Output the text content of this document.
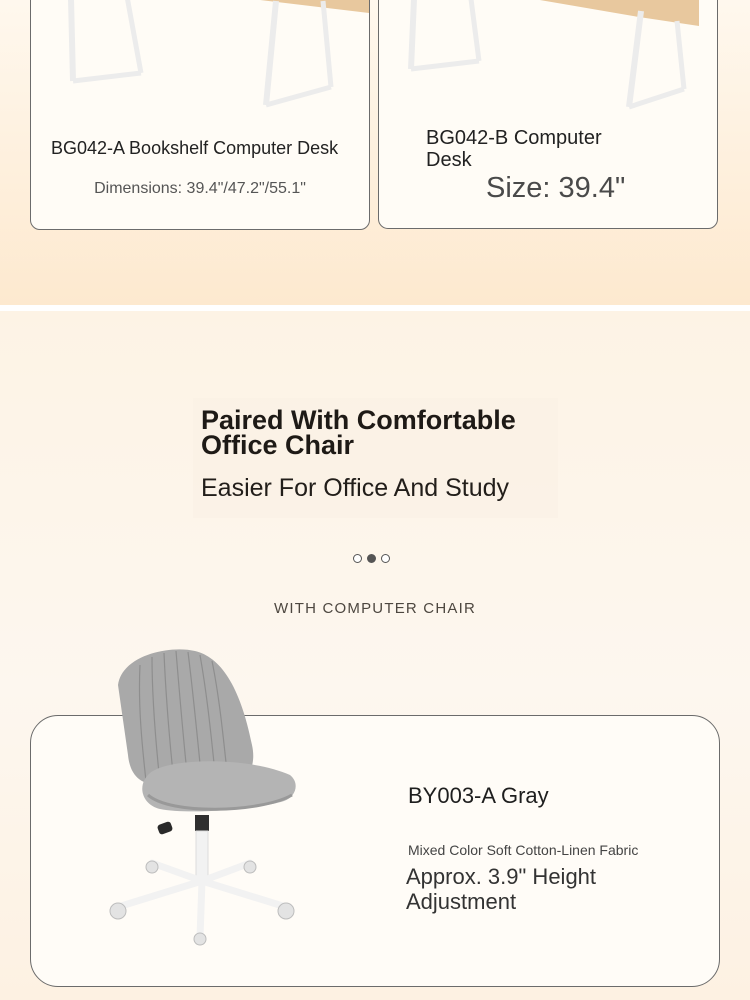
BG042-A Bookshelf Computer Desk
Dimensions: 39.4"/47.2"/55.1"
BG042-B Computer Desk
Size: 39.4"
Paired With Comfortable Office Chair
Easier For Office And Study
WITH COMPUTER CHAIR
BY003-A Gray
Mixed Color Soft Cotton-Linen Fabric
Approx. 3.9" Height Adjustment
